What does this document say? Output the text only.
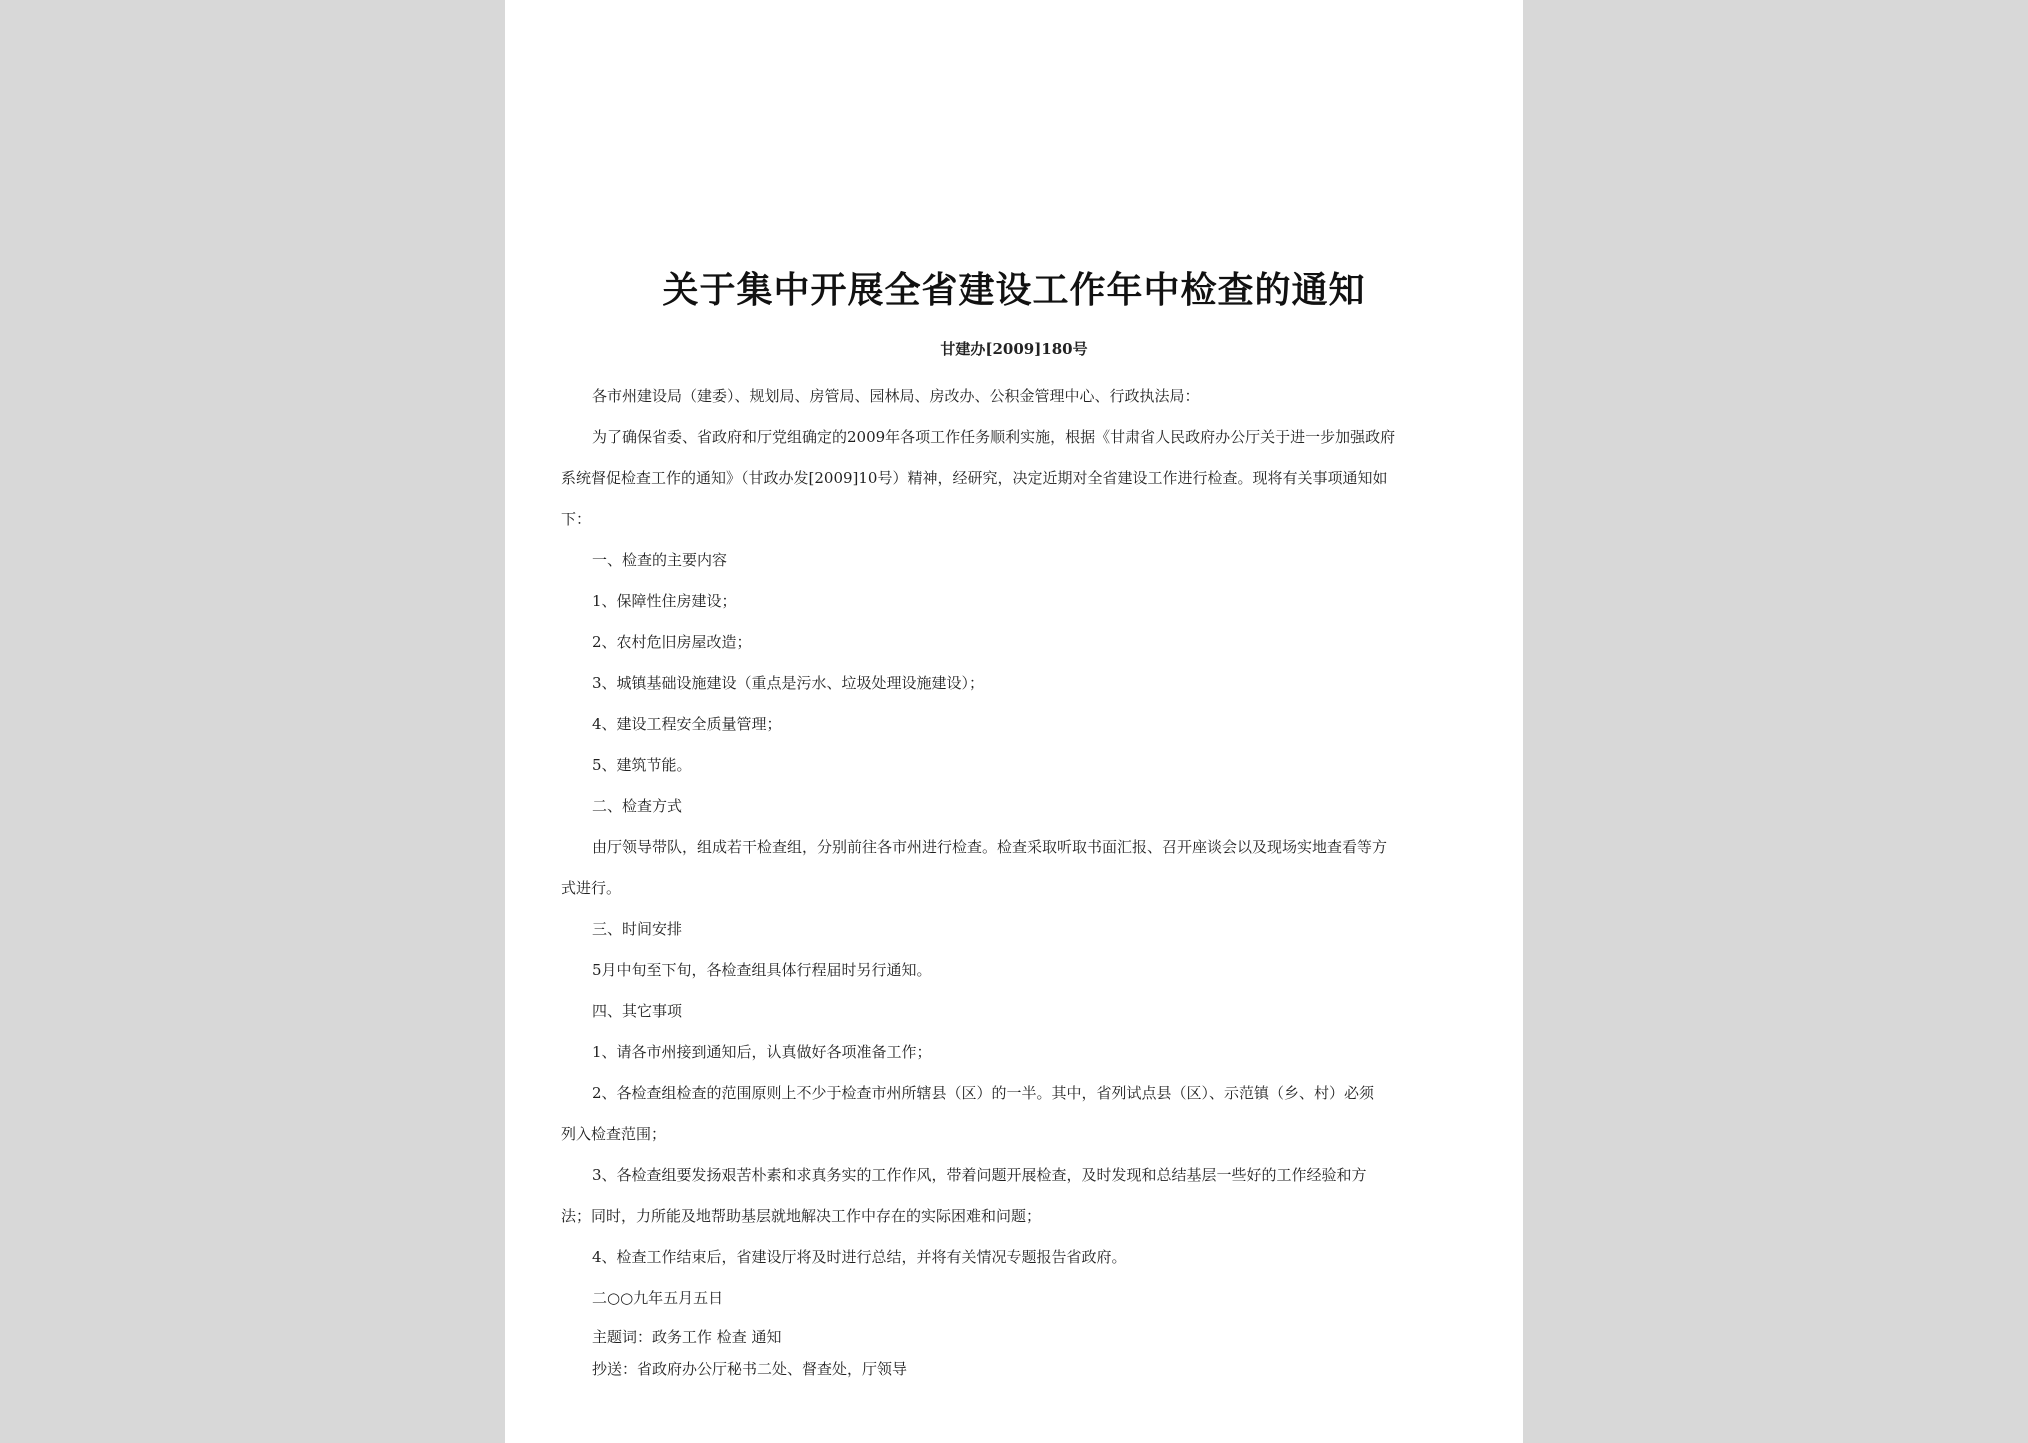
关于集中开展全省建设工作年中检查的通知
甘建办[2009]180号
各市州建设局（建委）、规划局、房管局、园林局、房改办、公积金管理中心、行政执法局：
为了确保省委、省政府和厅党组确定的2009年各项工作任务顺利实施，根据《甘肃省人民政府办公厅关于进一步加强政府
系统督促检查工作的通知》（甘政办发[2009]10号）精神，经研究，决定近期对全省建设工作进行检查。现将有关事项通知如
下：
一、检查的主要内容
1、保障性住房建设；
2、农村危旧房屋改造；
3、城镇基础设施建设（重点是污水、垃圾处理设施建设）；
4、建设工程安全质量管理；
5、建筑节能。
二、检查方式
由厅领导带队，组成若干检查组，分别前往各市州进行检查。检查采取听取书面汇报、召开座谈会以及现场实地查看等方
式进行。
三、时间安排
5月中旬至下旬，各检查组具体行程届时另行通知。
四、其它事项
1、请各市州接到通知后，认真做好各项准备工作；
2、各检查组检查的范围原则上不少于检查市州所辖县（区）的一半。其中，省列试点县（区）、示范镇（乡、村）必须
列入检查范围；
3、各检查组要发扬艰苦朴素和求真务实的工作作风，带着问题开展检查，及时发现和总结基层一些好的工作经验和方
法；同时，力所能及地帮助基层就地解决工作中存在的实际困难和问题；
4、检查工作结束后，省建设厅将及时进行总结，并将有关情况专题报告省政府。
二○○九年五月五日
主题词：政务工作 检查 通知
抄送：省政府办公厅秘书二处、督查处，厅领导
